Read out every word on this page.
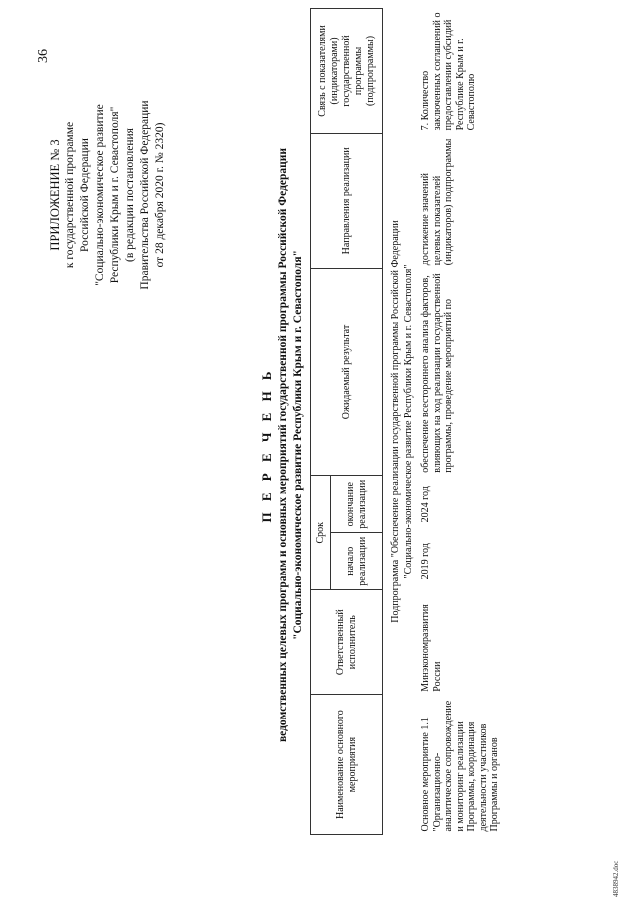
36
ПРИЛОЖЕНИЕ № 3 к государственной программе Российской Федерации "Социально-экономическое развитие Республики Крым и г. Севастополя" (в редакции постановления Правительства Российской Федерации от 28 декабря 2020 г. № 2320)
П Е Р Е Ч Е Н Ь ведомственных целевых программ и основных мероприятий государственной программы Российской Федерации "Социально-экономическое развитие Республики Крым и г. Севастополя"
Наименование основного мероприятия	Ответственный исполнитель	Срок		Ожидаемый результат	Направления реализации	Связь с показателями (индикаторами) государственной программы (подпрограммы)
		начало реализации	окончание реализации			

Подпрограмма "Обеспечение реализации государственной программы Российской Федерации "Социально-экономическое развитие Республики Крым и г. Севастополя"						

Основное мероприятие 1.1 "Организационно-аналитическое сопровождение и мониторинг реализации Программы, координация деятельности участников Программы и органов	Минэкономразвития России	2019 год	2024 год	обеспечение всестороннего анализа факторов, влияющих на ход реализации государственной программы, проведение мероприятий по	достижение значений целевых показателей (индикаторов) подпрограммы	7. Количество заключенных соглашений о предоставлении субсидий Республике Крым и г. Севастополю
4838942.doc
